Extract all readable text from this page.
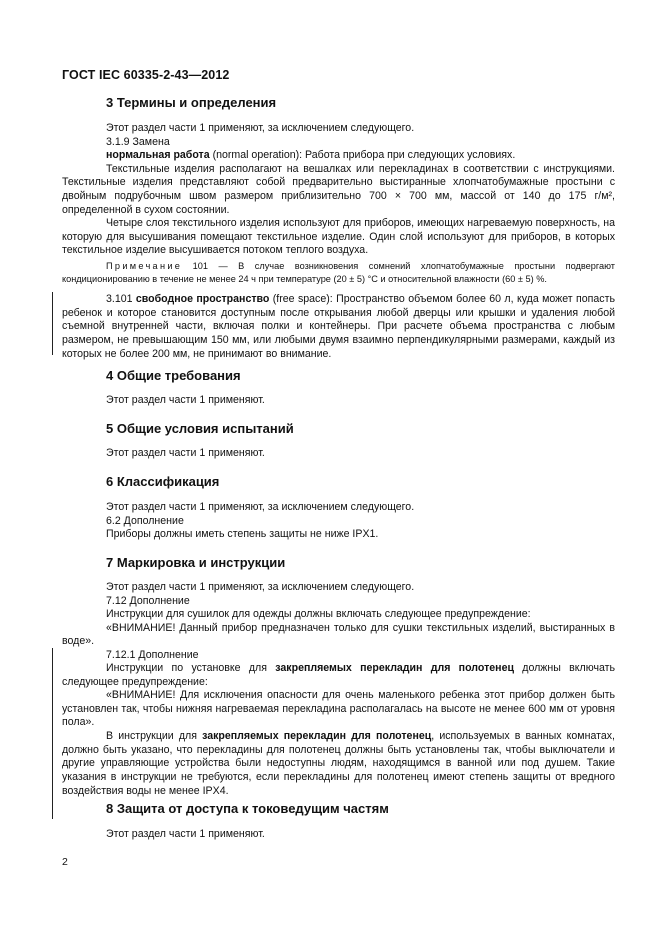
ГОСТ IEC 60335-2-43—2012
3 Термины и определения
Этот раздел части 1 применяют, за исключением следующего.
3.1.9 Замена
нормальная работа (normal operation): Работа прибора при следующих условиях.
Текстильные изделия располагают на вешалках или перекладинах в соответствии с инструкциями. Текстильные изделия представляют собой предварительно выстиранные хлопчатобумажные простыни с двойным подрубочным швом размером приблизительно 700 × 700 мм, массой от 140 до 175 г/м², определенной в сухом состоянии.
Четыре слоя текстильного изделия используют для приборов, имеющих нагреваемую поверхность, на которую для высушивания помещают текстильное изделие. Один слой используют для приборов, в которых текстильное изделие высушивается потоком теплого воздуха.
Примечание 101 — В случае возникновения сомнений хлопчатобумажные простыни подвергают кондиционированию в течение не менее 24 ч при температуре (20 ± 5) °С и относительной влажности (60 ± 5) %.
3.101 свободное пространство (free space): Пространство объемом более 60 л, куда может попасть ребенок и которое становится доступным после открывания любой дверцы или крышки и удаления любой съемной внутренней части, включая полки и контейнеры. При расчете объема пространства с любым размером, не превышающим 150 мм, или любыми двумя взаимно перпендикулярными размерами, каждый из которых не более 200 мм, не принимают во внимание.
4 Общие требования
Этот раздел части 1 применяют.
5 Общие условия испытаний
Этот раздел части 1 применяют.
6 Классификация
Этот раздел части 1 применяют, за исключением следующего.
6.2 Дополнение
Приборы должны иметь степень защиты не ниже IPX1.
7 Маркировка и инструкции
Этот раздел части 1 применяют, за исключением следующего.
7.12 Дополнение
Инструкции для сушилок для одежды должны включать следующее предупреждение:
«ВНИМАНИЕ! Данный прибор предназначен только для сушки текстильных изделий, выстиранных в воде».
7.12.1 Дополнение
Инструкции по установке для закрепляемых перекладин для полотенец должны включать следующее предупреждение:
«ВНИМАНИЕ! Для исключения опасности для очень маленького ребенка этот прибор должен быть установлен так, чтобы нижняя нагреваемая перекладина располагалась на высоте не менее 600 мм от уровня пола».
В инструкции для закрепляемых перекладин для полотенец, используемых в ванных комнатах, должно быть указано, что перекладины для полотенец должны быть установлены так, чтобы выключатели и другие управляющие устройства были недоступны людям, находящимся в ванной или под душем. Такие указания в инструкции не требуются, если перекладины для полотенец имеют степень защиты от вредного воздействия воды не менее IPX4.
8 Защита от доступа к токоведущим частям
Этот раздел части 1 применяют.
2
